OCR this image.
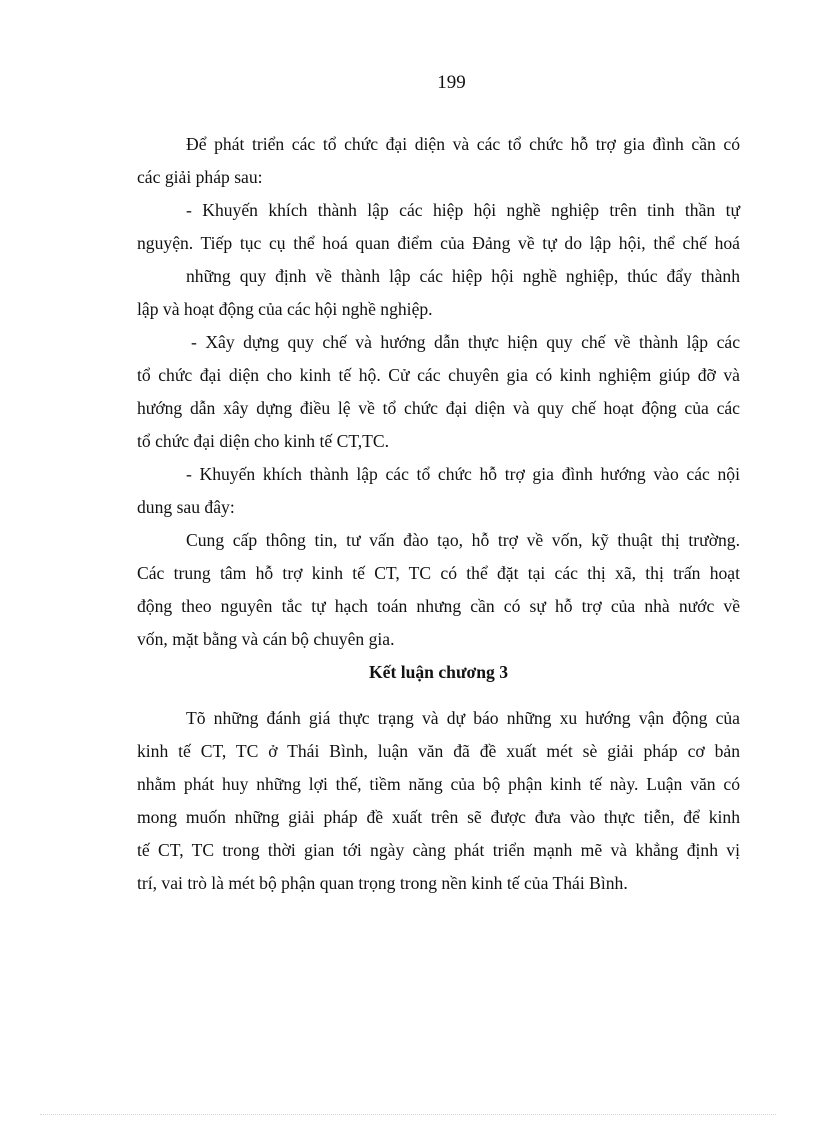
199
Để phát triển các tổ chức đại diện và các tổ chức hỗ trợ gia đình cần có
các giải pháp sau:
- Khuyến khích thành lập các hiệp hội nghề nghiệp trên tinh thần tự
nguyện. Tiếp tục cụ thể hoá quan điểm của Đảng về tự do lập hội, thể chế hoá
những quy định về thành lập các hiệp hội nghề nghiệp, thúc đẩy thành
lập và hoạt động của các hội nghề nghiệp.
- Xây dựng quy chế và hướng dẫn thực hiện quy chế về thành lập các
tổ chức đại diện cho kinh tế hộ. Cử các chuyên gia có kinh nghiệm giúp đỡ và
hướng dẫn xây dựng điều lệ về tổ chức đại diện và quy chế hoạt động của các
tổ chức đại diện cho kinh tế CT,TC.
- Khuyến khích thành lập các tổ chức hỗ trợ gia đình hướng vào các nội
dung sau đây:
Cung cấp thông tin, tư vấn đào tạo, hỗ trợ về vốn, kỹ thuật thị trường.
Các trung tâm hỗ trợ kinh tế CT, TC có thể đặt tại các thị xã, thị trấn hoạt
động theo nguyên tắc tự hạch toán nhưng cần có sự hỗ trợ của nhà nước về
vốn, mặt bằng và cán bộ chuyên gia.
Kết luận chương 3
Tõ những đánh giá thực trạng và dự báo những xu hướng vận động của
kinh tế CT, TC ở Thái Bình, luận văn đã đề xuất mét sè giải pháp cơ bản
nhằm phát huy những lợi thế, tiềm năng của bộ phận kinh tế này. Luận văn có
mong muốn những giải pháp đề xuất trên sẽ được đưa vào thực tiễn, để kinh
tế CT, TC trong thời gian tới ngày càng phát triển mạnh mẽ và khẳng định vị
trí, vai trò là mét bộ phận quan trọng trong nền kinh tế của Thái Bình.
